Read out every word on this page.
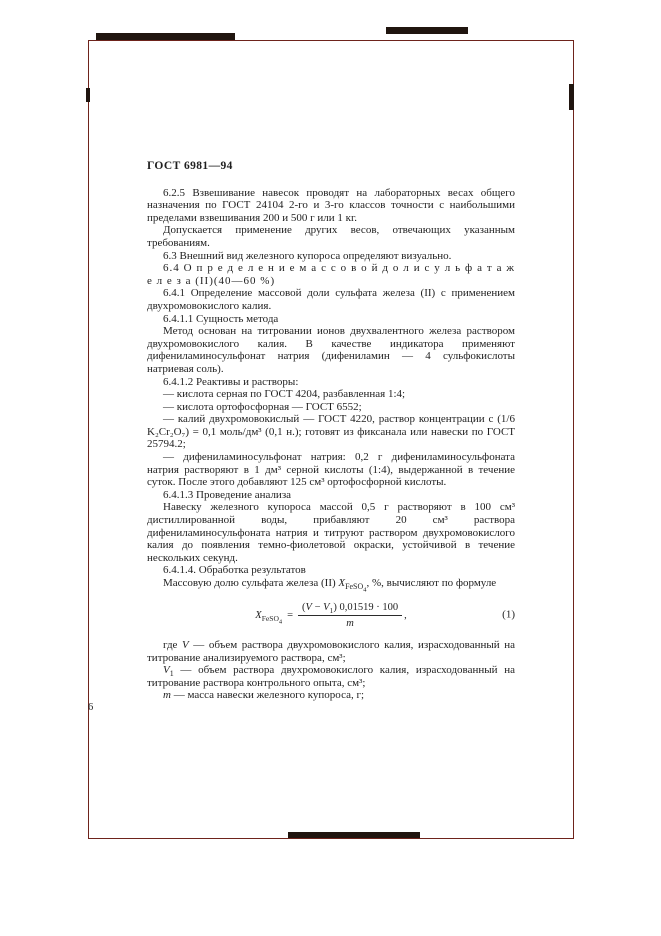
ГОСТ 6981—94
6.2.5 Взвешивание навесок проводят на лабораторных весах общего назначения по ГОСТ 24104 2-го и 3-го классов точности с наибольшими пределами взвешивания 200 и 500 г или 1 кг.
Допускается применение других весов, отвечающих указанным требованиям.
6.3 Внешний вид железного купороса определяют визуально.
6.4 О п р е д е л е н и е м а с с о в о й д о л и с у л ь ф а т а ж е л е з а (II)(40—60 %)
6.4.1 Определение массовой доли сульфата железа (II) с применением двухромовокислого калия.
6.4.1.1 Сущность метода
Метод основан на титровании ионов двухвалентного железа раствором двухромовокислого калия. В качестве индикатора применяют дифениламиносульфонат натрия (дифениламин — 4 сульфокислоты натриевая соль).
6.4.1.2 Реактивы и растворы:
— кислота серная по ГОСТ 4204, разбавленная 1:4;
— кислота ортофосфорная — ГОСТ 6552;
— калий двухромовокислый — ГОСТ 4220, раствор концентрации с (1/6 K₂Cr₂O₇) = 0,1 моль/дм³ (0,1 н.); готовят из фиксанала или навески по ГОСТ 25794.2;
— дифениламиносульфонат натрия: 0,2 г дифениламиносульфоната натрия растворяют в 1 дм³ серной кислоты (1:4), выдержанной в течение суток. После этого добавляют 125 см³ ортофосфорной кислоты.
6.4.1.3 Проведение анализа
Навеску железного купороса массой 0,5 г растворяют в 100 см³ дистиллированной воды, прибавляют 20 см³ раствора дифениламиносульфоната натрия и титруют раствором двухромовокислого калия до появления темно-фиолетовой окраски, устойчивой в течение нескольких секунд.
6.4.1.4. Обработка результатов
Массовую долю сульфата железа (II) $X_{FeSO_4}$, %, вычисляют по формуле
$X_{FeSO_4}$
= $\frac{(V - V_1) 0,01519 \cdot 100}{m}$ ,	(1)
где V — объем раствора двухромовокислого калия, израсходованный на титрование анализируемого раствора, см³;
$V_1$ — объем раствора двухромовокислого калия, израсходованный на титрование раствора контрольного опыта, см³;
m — масса навески железного купороса, г;
6
